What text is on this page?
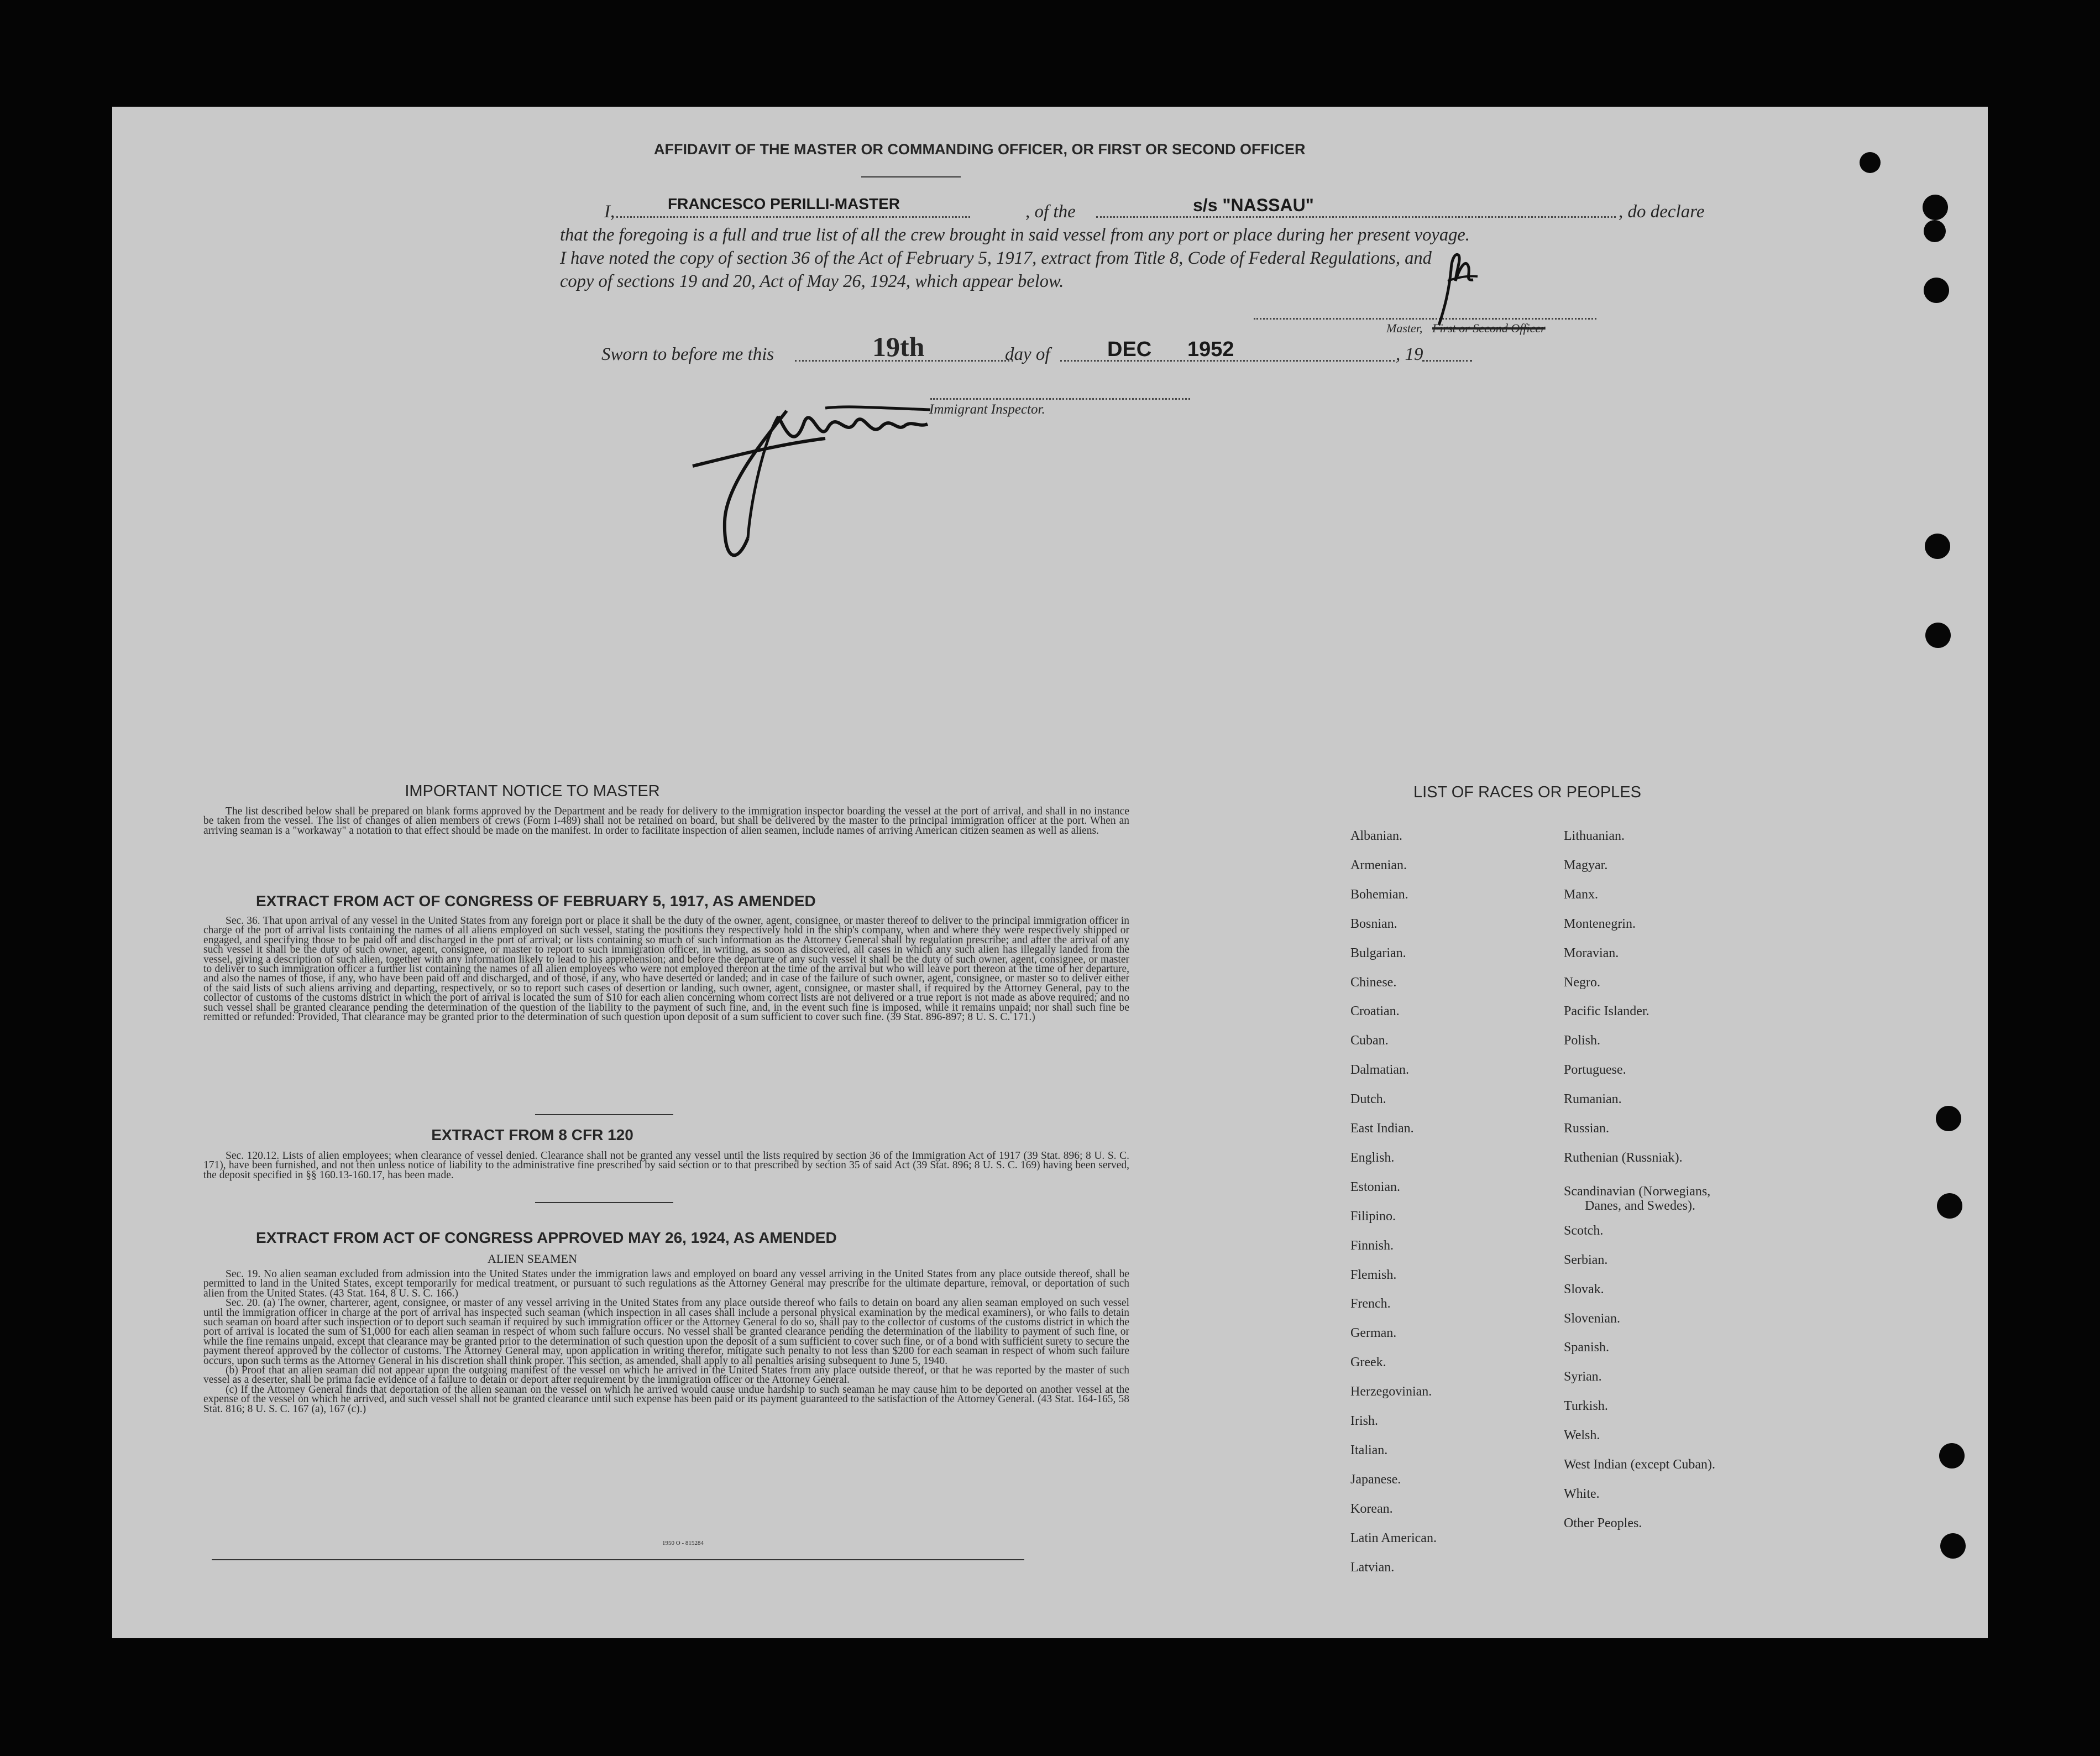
AFFIDAVIT OF THE MASTER OR COMMANDING OFFICER, OR FIRST OR SECOND OFFICER
I,	FRANCESCO PERILLI-MASTER	, of the	s/s "NASSAU"	, do declare
that the foregoing is a full and true list of all the crew brought in said vessel from any port or place during her present voyage.
I have noted the copy of section 36 of the Act of February 5, 1917, extract from Title 8, Code of Federal Regulations, and
copy of sections 19 and 20, Act of May 26, 1924, which appear below.
Master, First or Second Officer
Sworn to before me this	19th	day of	DEC 1952	, 19
Immigrant Inspector.
IMPORTANT NOTICE TO MASTER

The list described below shall be prepared on blank forms approved by the Department and be ready for delivery to the immigration inspector boarding the vessel at the port of arrival, and shall in no instance be taken from the vessel. The list of changes of alien members of crews (Form I-489) shall not be retained on board, but shall be delivered by the master to the principal immigration officer at the port. When an arriving seaman is a "workaway" a notation to that effect should be made on the manifest. In order to facilitate inspection of alien seamen, include names of arriving American citizen seamen as well as aliens.

EXTRACT FROM ACT OF CONGRESS OF FEBRUARY 5, 1917, AS AMENDED

Sec. 36. That upon arrival of any vessel in the United States from any foreign port or place it shall be the duty of the owner, agent, consignee, or master thereof to deliver to the principal immigration officer in charge of the port of arrival lists containing the names of all aliens employed on such vessel, stating the positions they respectively hold in the ship's company, when and where they were respectively shipped or engaged, and specifying those to be paid off and discharged in the port of arrival; or lists containing so much of such information as the Attorney General shall by regulation prescribe; and after the arrival of any such vessel it shall be the duty of such owner, agent, consignee, or master to report to such immigration officer, in writing, as soon as discovered, all cases in which any such alien has illegally landed from the vessel, giving a description of such alien, together with any information likely to lead to his apprehension; and before the departure of any such vessel it shall be the duty of such owner, agent, consignee, or master to deliver to such immigration officer a further list containing the names of all alien employees who were not employed thereon at the time of the arrival but who will leave port thereon at the time of her departure, and also the names of those, if any, who have been paid off and discharged, and of those, if any, who have deserted or landed; and in case of the failure of such owner, agent, consignee, or master so to deliver either of the said lists of such aliens arriving and departing, respectively, or so to report such cases of desertion or landing, such owner, agent, consignee, or master shall, if required by the Attorney General, pay to the collector of customs of the customs district in which the port of arrival is located the sum of $10 for each alien concerning whom correct lists are not delivered or a true report is not made as above required; and no such vessel shall be granted clearance pending the determination of the question of the liability to the payment of such fine, and, in the event such fine is imposed, while it remains unpaid; nor shall such fine be remitted or refunded: Provided, That clearance may be granted prior to the determination of such question upon deposit of a sum sufficient to cover such fine. (39 Stat. 896-897; 8 U. S. C. 171.)

EXTRACT FROM 8 CFR 120

Sec. 120.12. Lists of alien employees; when clearance of vessel denied. Clearance shall not be granted any vessel until the lists required by section 36 of the Immigration Act of 1917 (39 Stat. 896; 8 U. S. C. 171), have been furnished, and not then unless notice of liability to the administrative fine prescribed by said section or to that prescribed by section 35 of said Act (39 Stat. 896; 8 U. S. C. 169) having been served, the deposit specified in §§ 160.13-160.17, has been made.

EXTRACT FROM ACT OF CONGRESS APPROVED MAY 26, 1924, AS AMENDED
ALIEN SEAMEN

Sec. 19. No alien seaman excluded from admission into the United States under the immigration laws and employed on board any vessel arriving in the United States from any place outside thereof, shall be permitted to land in the United States, except temporarily for medical treatment, or pursuant to such regulations as the Attorney General may prescribe for the ultimate departure, removal, or deportation of such alien from the United States. (43 Stat. 164, 8 U. S. C. 166.)

Sec. 20. (a) The owner, charterer, agent, consignee, or master of any vessel arriving in the United States from any place outside thereof who fails to detain on board any alien seaman employed on such vessel until the immigration officer in charge at the port of arrival has inspected such seaman (which inspection in all cases shall include a personal physical examination by the medical examiners), or who fails to detain such seaman on board after such inspection or to deport such seaman if required by such immigration officer or the Attorney General to do so, shall pay to the collector of customs of the customs district in which the port of arrival is located the sum of $1,000 for each alien seaman in respect of whom such failure occurs. No vessel shall be granted clearance pending the determination of the liability to payment of such fine, or while the fine remains unpaid, except that clearance may be granted prior to the determination of such question upon the deposit of a sum sufficient to cover such fine, or of a bond with sufficient surety to secure the payment thereof approved by the collector of customs. The Attorney General may, upon application in writing therefor, mitigate such penalty to not less than $200 for each seaman in respect of whom such failure occurs, upon such terms as the Attorney General in his discretion shall think proper. This section, as amended, shall apply to all penalties arising subsequent to June 5, 1940.

(b) Proof that an alien seaman did not appear upon the outgoing manifest of the vessel on which he arrived in the United States from any place outside thereof, or that he was reported by the master of such vessel as a deserter, shall be prima facie evidence of a failure to detain or deport after requirement by the immigration officer or the Attorney General.

(c) If the Attorney General finds that deportation of the alien seaman on the vessel on which he arrived would cause undue hardship to such seaman he may cause him to be deported on another vessel at the expense of the vessel on which he arrived, and such vessel shall not be granted clearance until such expense has been paid or its payment guaranteed to the satisfaction of the Attorney General. (43 Stat. 164-165, 58 Stat. 816; 8 U. S. C. 167 (a), 167 (c).)

1950 O - 815284
LIST OF RACES OR PEOPLES
Albanian.
Armenian.
Bohemian.
Bosnian.
Bulgarian.
Chinese.
Croatian.
Cuban.
Dalmatian.
Dutch.
East Indian.
English.
Estonian.
Filipino.
Finnish.
Flemish.
French.
German.
Greek.
Herzegovinian.
Irish.
Italian.
Japanese.
Korean.
Latin American.
Latvian.
Lithuanian.
Magyar.
Manx.
Montenegrin.
Moravian.
Negro.
Pacific Islander.
Polish.
Portuguese.
Rumanian.
Russian.
Ruthenian (Russniak).
Scandinavian (Norwegians,
Danes, and Swedes).
Scotch.
Serbian.
Slovak.
Slovenian.
Spanish.
Syrian.
Turkish.
Welsh.
West Indian (except Cuban).
White.
Other Peoples.
